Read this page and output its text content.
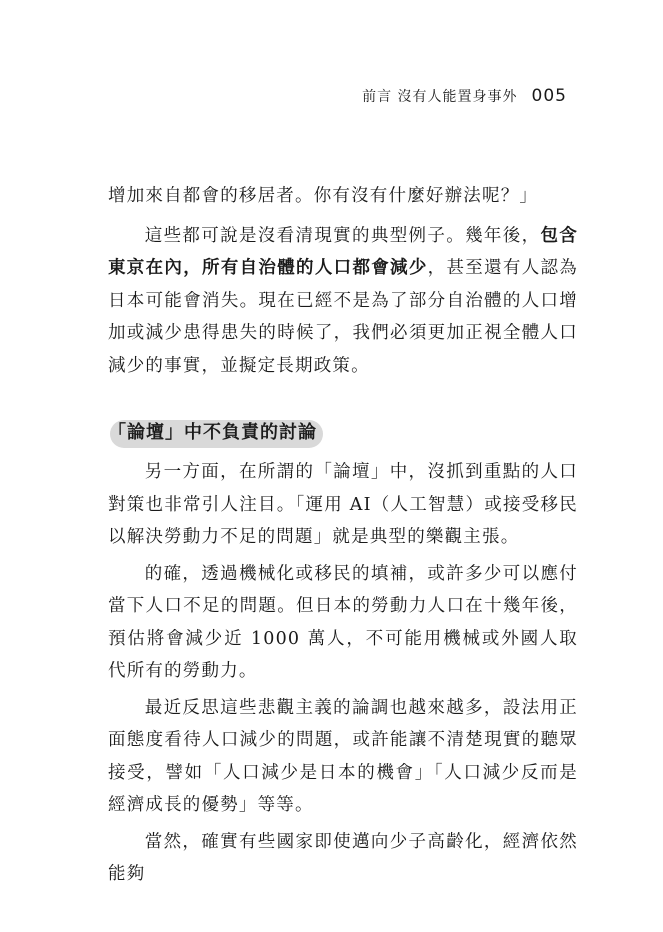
前言 沒有人能置身事外 005

增加來自都會的移居者。你有沒有什麼好辦法呢？」

這些都可說是沒看清現實的典型例子。幾年後，包含東京在內，所有自治體的人口都會減少，甚至還有人認為日本可能會消失。現在已經不是為了部分自治體的人口增加或減少患得患失的時候了，我們必須更加正視全體人口減少的事實，並擬定長期政策。

「論壇」中不負責的討論

另一方面，在所謂的「論壇」中，沒抓到重點的人口對策也非常引人注目。「運用 AI（人工智慧）或接受移民以解決勞動力不足的問題」就是典型的樂觀主張。

的確，透過機械化或移民的填補，或許多少可以應付當下人口不足的問題。但日本的勞動力人口在十幾年後，預估將會減少近 1000 萬人，不可能用機械或外國人取代所有的勞動力。

最近反思這些悲觀主義的論調也越來越多，設法用正面態度看待人口減少的問題，或許能讓不清楚現實的聽眾接受，譬如「人口減少是日本的機會」「人口減少反而是經濟成長的優勢」等等。

當然，確實有些國家即使邁向少子高齡化，經濟依然能夠
